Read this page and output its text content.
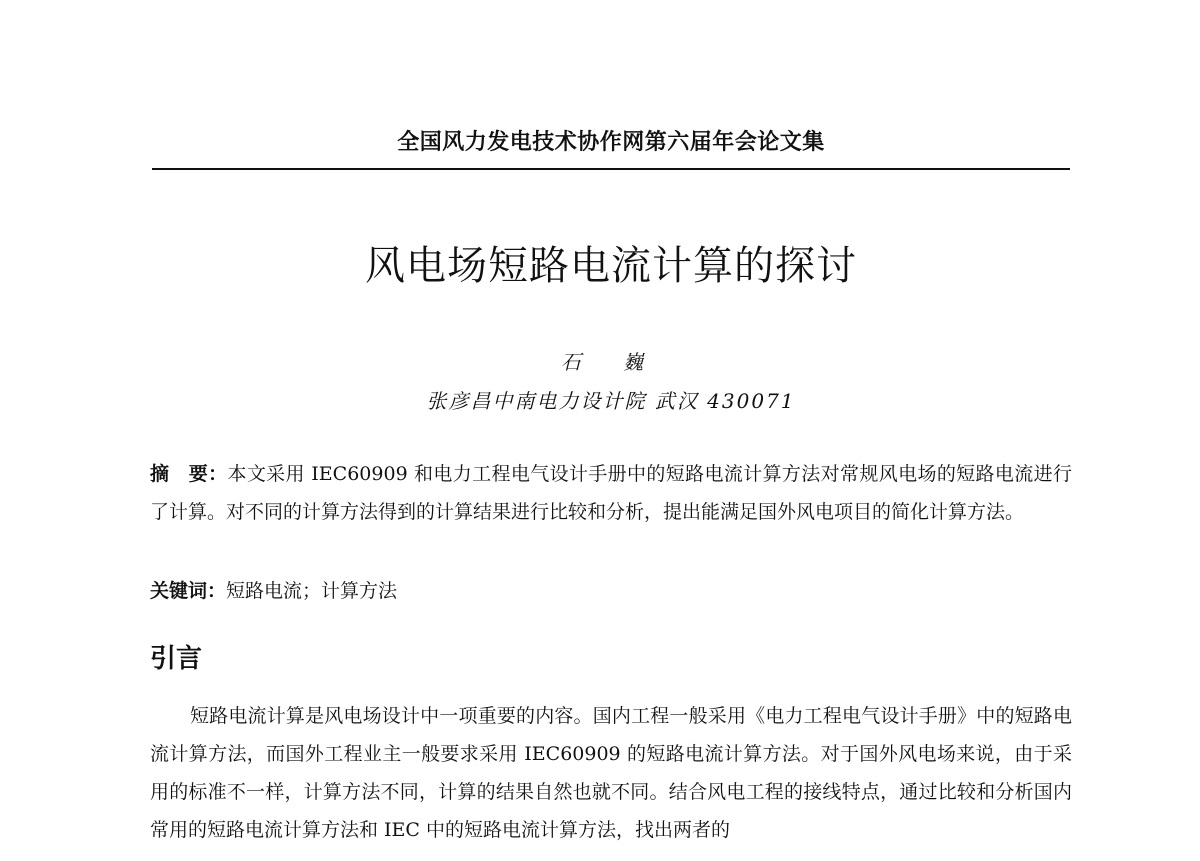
全国风力发电技术协作网第六届年会论文集
风电场短路电流计算的探讨
石 巍
张彦昌中南电力设计院 武汉 430071
摘　要：本文采用 IEC60909 和电力工程电气设计手册中的短路电流计算方法对常规风电场的短路电流进行了计算。对不同的计算方法得到的计算结果进行比较和分析，提出能满足国外风电项目的简化计算方法。
关键词：短路电流；计算方法
引言
短路电流计算是风电场设计中一项重要的内容。国内工程一般采用《电力工程电气设计手册》中的短路电流计算方法，而国外工程业主一般要求采用 IEC60909 的短路电流计算方法。对于国外风电场来说，由于采用的标准不一样，计算方法不同，计算的结果自然也就不同。结合风电工程的接线特点，通过比较和分析国内常用的短路电流计算方法和 IEC 中的短路电流计算方法，找出两者的
